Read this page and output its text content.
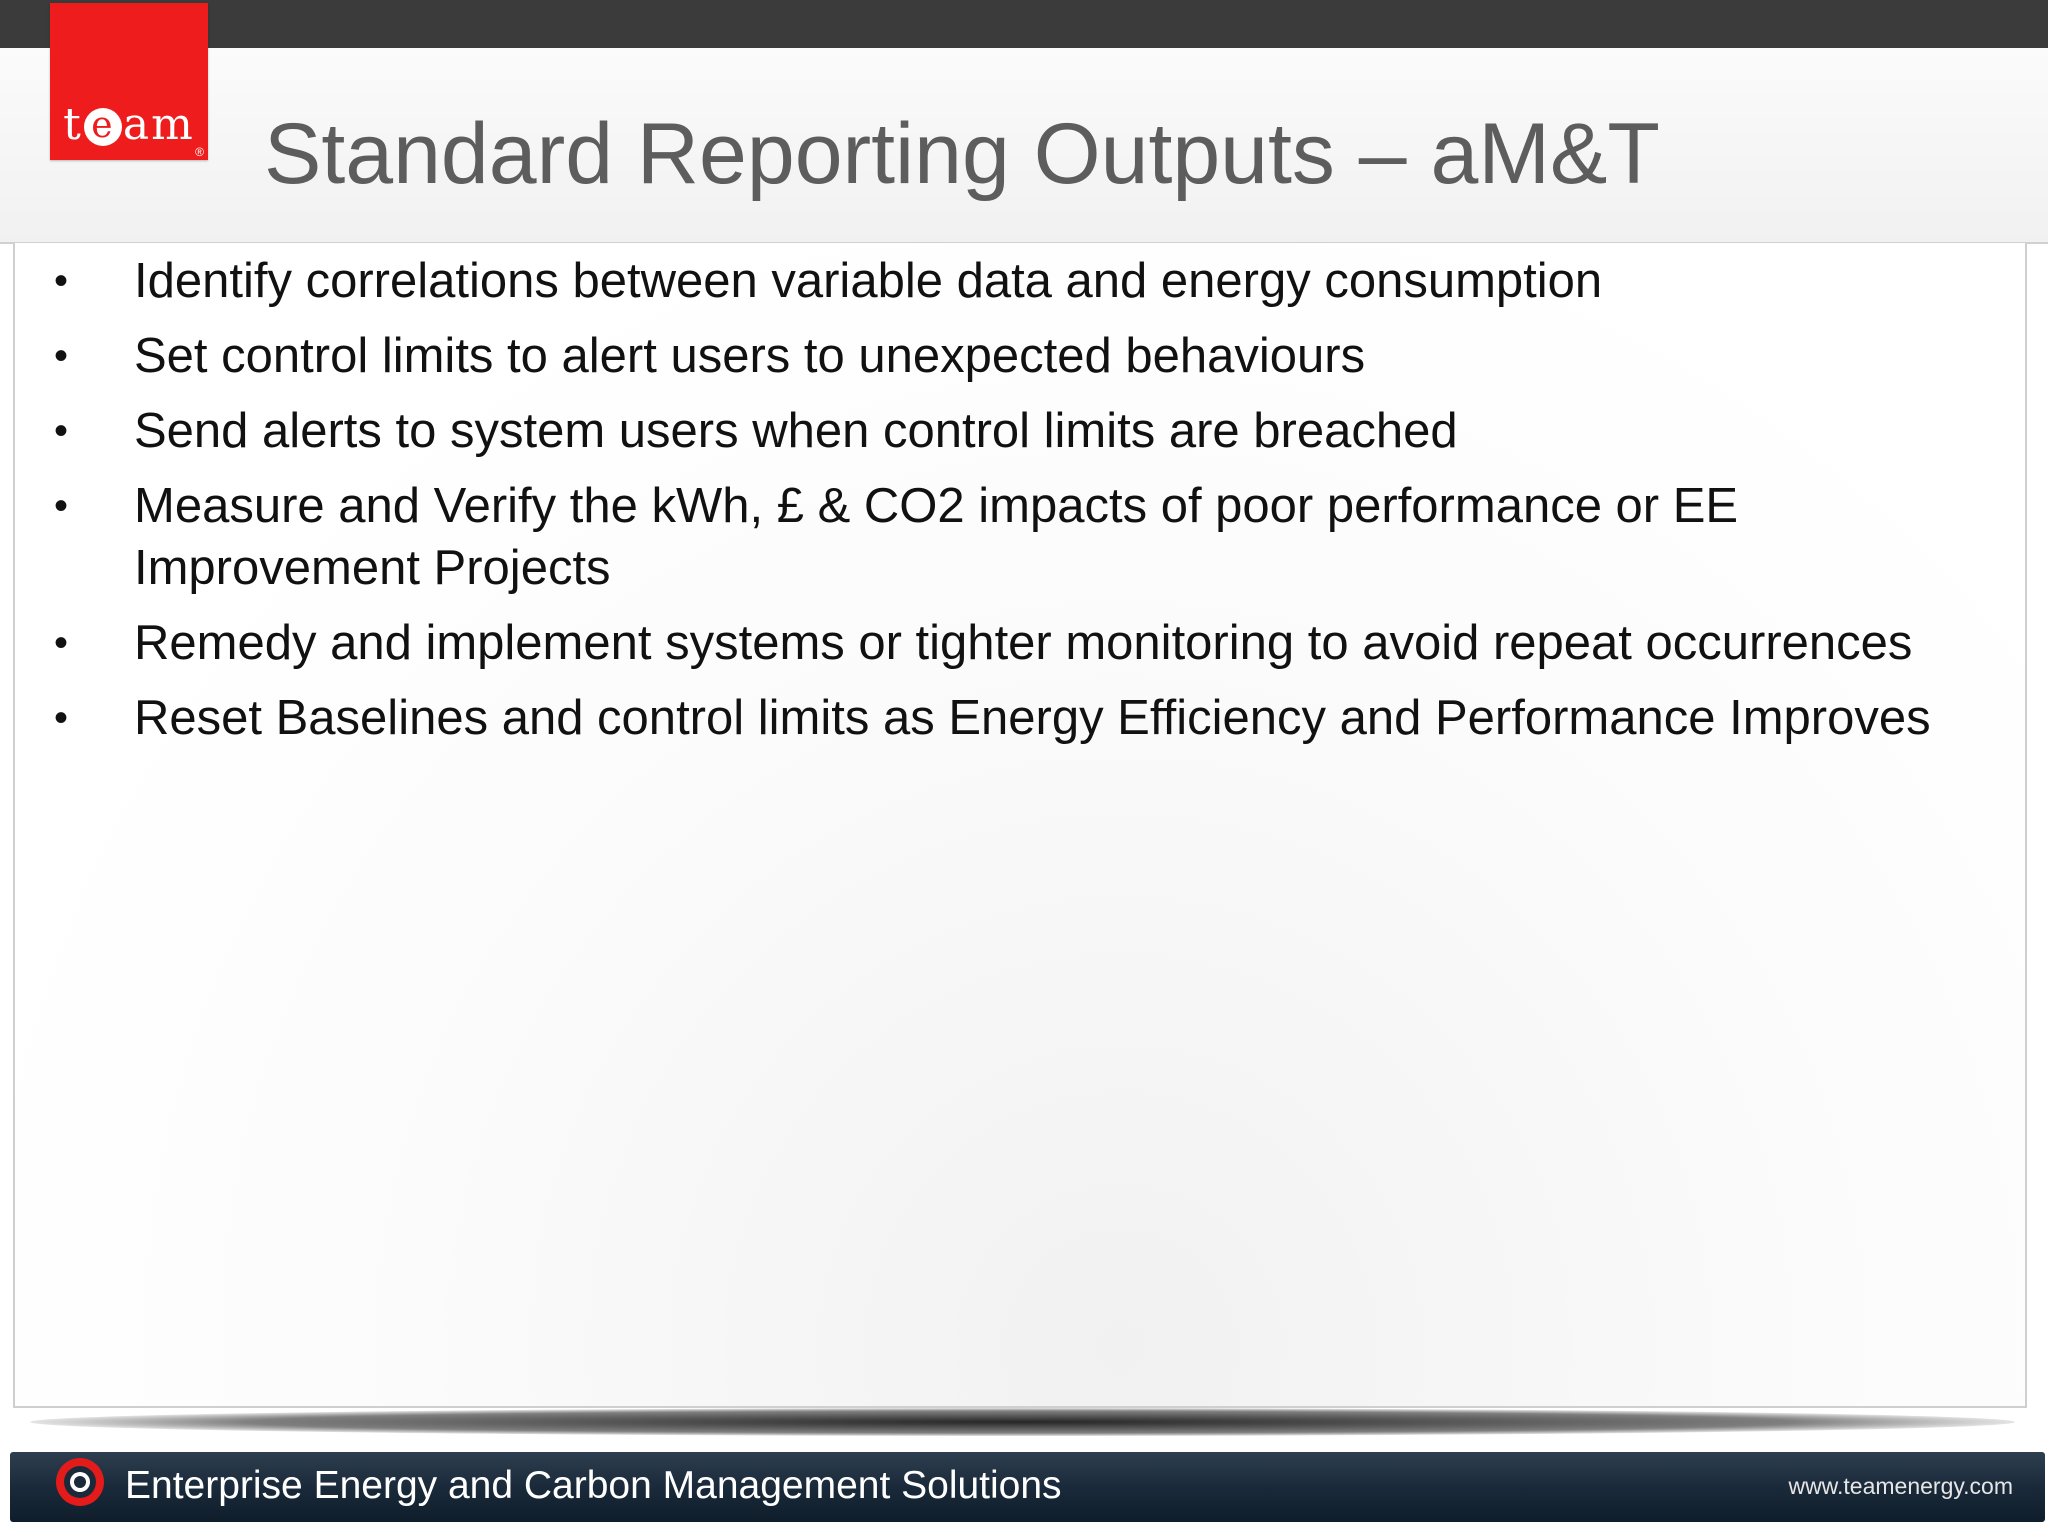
t e am
® Standard Reporting Outputs – aM&T
• Identify correlations between variable data and energy consumption
• Set control limits to alert users to unexpected behaviours
• Send alerts to system users when control limits are breached
• Measure and Verify the kWh, £ & CO2 impacts of poor performance or EE Improvement Projects
• Remedy and implement systems or tighter monitoring to avoid repeat occurrences
• Reset Baselines and control limits as Energy Efficiency and Performance Improves
Enterprise Energy and Carbon Management Solutions	www.teamenergy.com
